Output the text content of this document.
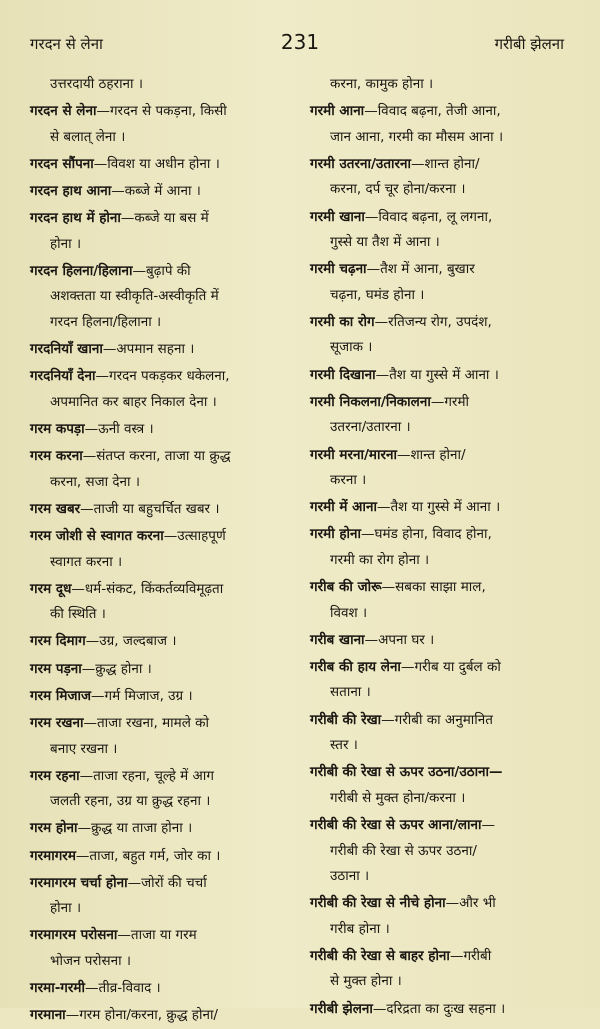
गरदन से लेना	231	गरीबी झेलना
उत्तरदायी ठहराना ।
गरदन से लेना—गरदन से पकड़ना, किसी
से बलात् लेना ।
गरदन सौंपना—विवश या अधीन होना ।
गरदन हाथ आना—कब्जे में आना ।
गरदन हाथ में होना—कब्जे या बस में
होना ।
गरदन हिलना/हिलाना—बुढ़ापे की
अशक्तता या स्वीकृति-अस्वीकृति में
गरदन हिलना/हिलाना ।
गरदनियाँ खाना—अपमान सहना ।
गरदनियाँ देना—गरदन पकड़कर धकेलना,
अपमानित कर बाहर निकाल देना ।
गरम कपड़ा—ऊनी वस्त्र ।
गरम करना—संतप्त करना, ताजा या क्रुद्ध
करना, सजा देना ।
गरम खबर—ताजी या बहुचर्चित खबर ।
गरम जोशी से स्वागत करना—उत्साहपूर्ण
स्वागत करना ।
गरम दूध—धर्म-संकट, किंकर्तव्यविमूढ़ता
की स्थिति ।
गरम दिमाग—उग्र, जल्दबाज ।
गरम पड़ना—क्रुद्ध होना ।
गरम मिजाज—गर्म मिजाज, उग्र ।
गरम रखना—ताजा रखना, मामले को
बनाए रखना ।
गरम रहना—ताजा रहना, चूल्हे में आग
जलती रहना, उग्र या क्रुद्ध रहना ।
गरम होना—क्रुद्ध या ताजा होना ।
गरमागरम—ताजा, बहुत गर्म, जोर का ।
गरमागरम चर्चा होना—जोरों की चर्चा
होना ।
गरमागरम परोसना—ताजा या गरम
भोजन परोसना ।
गरमा-गरमी—तीव्र-विवाद ।
गरमाना—गरम होना/करना, क्रुद्ध होना/
करना, कामुक होना ।
गरमी आना—विवाद बढ़ना, तेजी आना,
जान आना, गरमी का मौसम आना ।
गरमी उतरना/उतारना—शान्त होना/
करना, दर्प चूर होना/करना ।
गरमी खाना—विवाद बढ़ना, लू लगना,
गुस्से या तैश में आना ।
गरमी चढ़ना—तैश में आना, बुखार
चढ़ना, घमंड होना ।
गरमी का रोग—रतिजन्य रोग, उपदंश,
सूजाक ।
गरमी दिखाना—तैश या गुस्से में आना ।
गरमी निकलना/निकालना—गरमी
उतरना/उतारना ।
गरमी मरना/मारना—शान्त होना/
करना ।
गरमी में आना—तैश या गुस्से में आना ।
गरमी होना—घमंड होना, विवाद होना,
गरमी का रोग होना ।
गरीब की जोरू—सबका साझा माल,
विवश ।
गरीब खाना—अपना घर ।
गरीब की हाय लेना—गरीब या दुर्बल को
सताना ।
गरीबी की रेखा—गरीबी का अनुमानित
स्तर ।
गरीबी की रेखा से ऊपर उठना/उठाना—
गरीबी से मुक्त होना/करना ।
गरीबी की रेखा से ऊपर आना/लाना—
गरीबी की रेखा से ऊपर उठना/
उठाना ।
गरीबी की रेखा से नीचे होना—और भी
गरीब होना ।
गरीबी की रेखा से बाहर होना—गरीबी
से मुक्त होना ।
गरीबी झेलना—दरिद्रता का दुःख सहना ।
